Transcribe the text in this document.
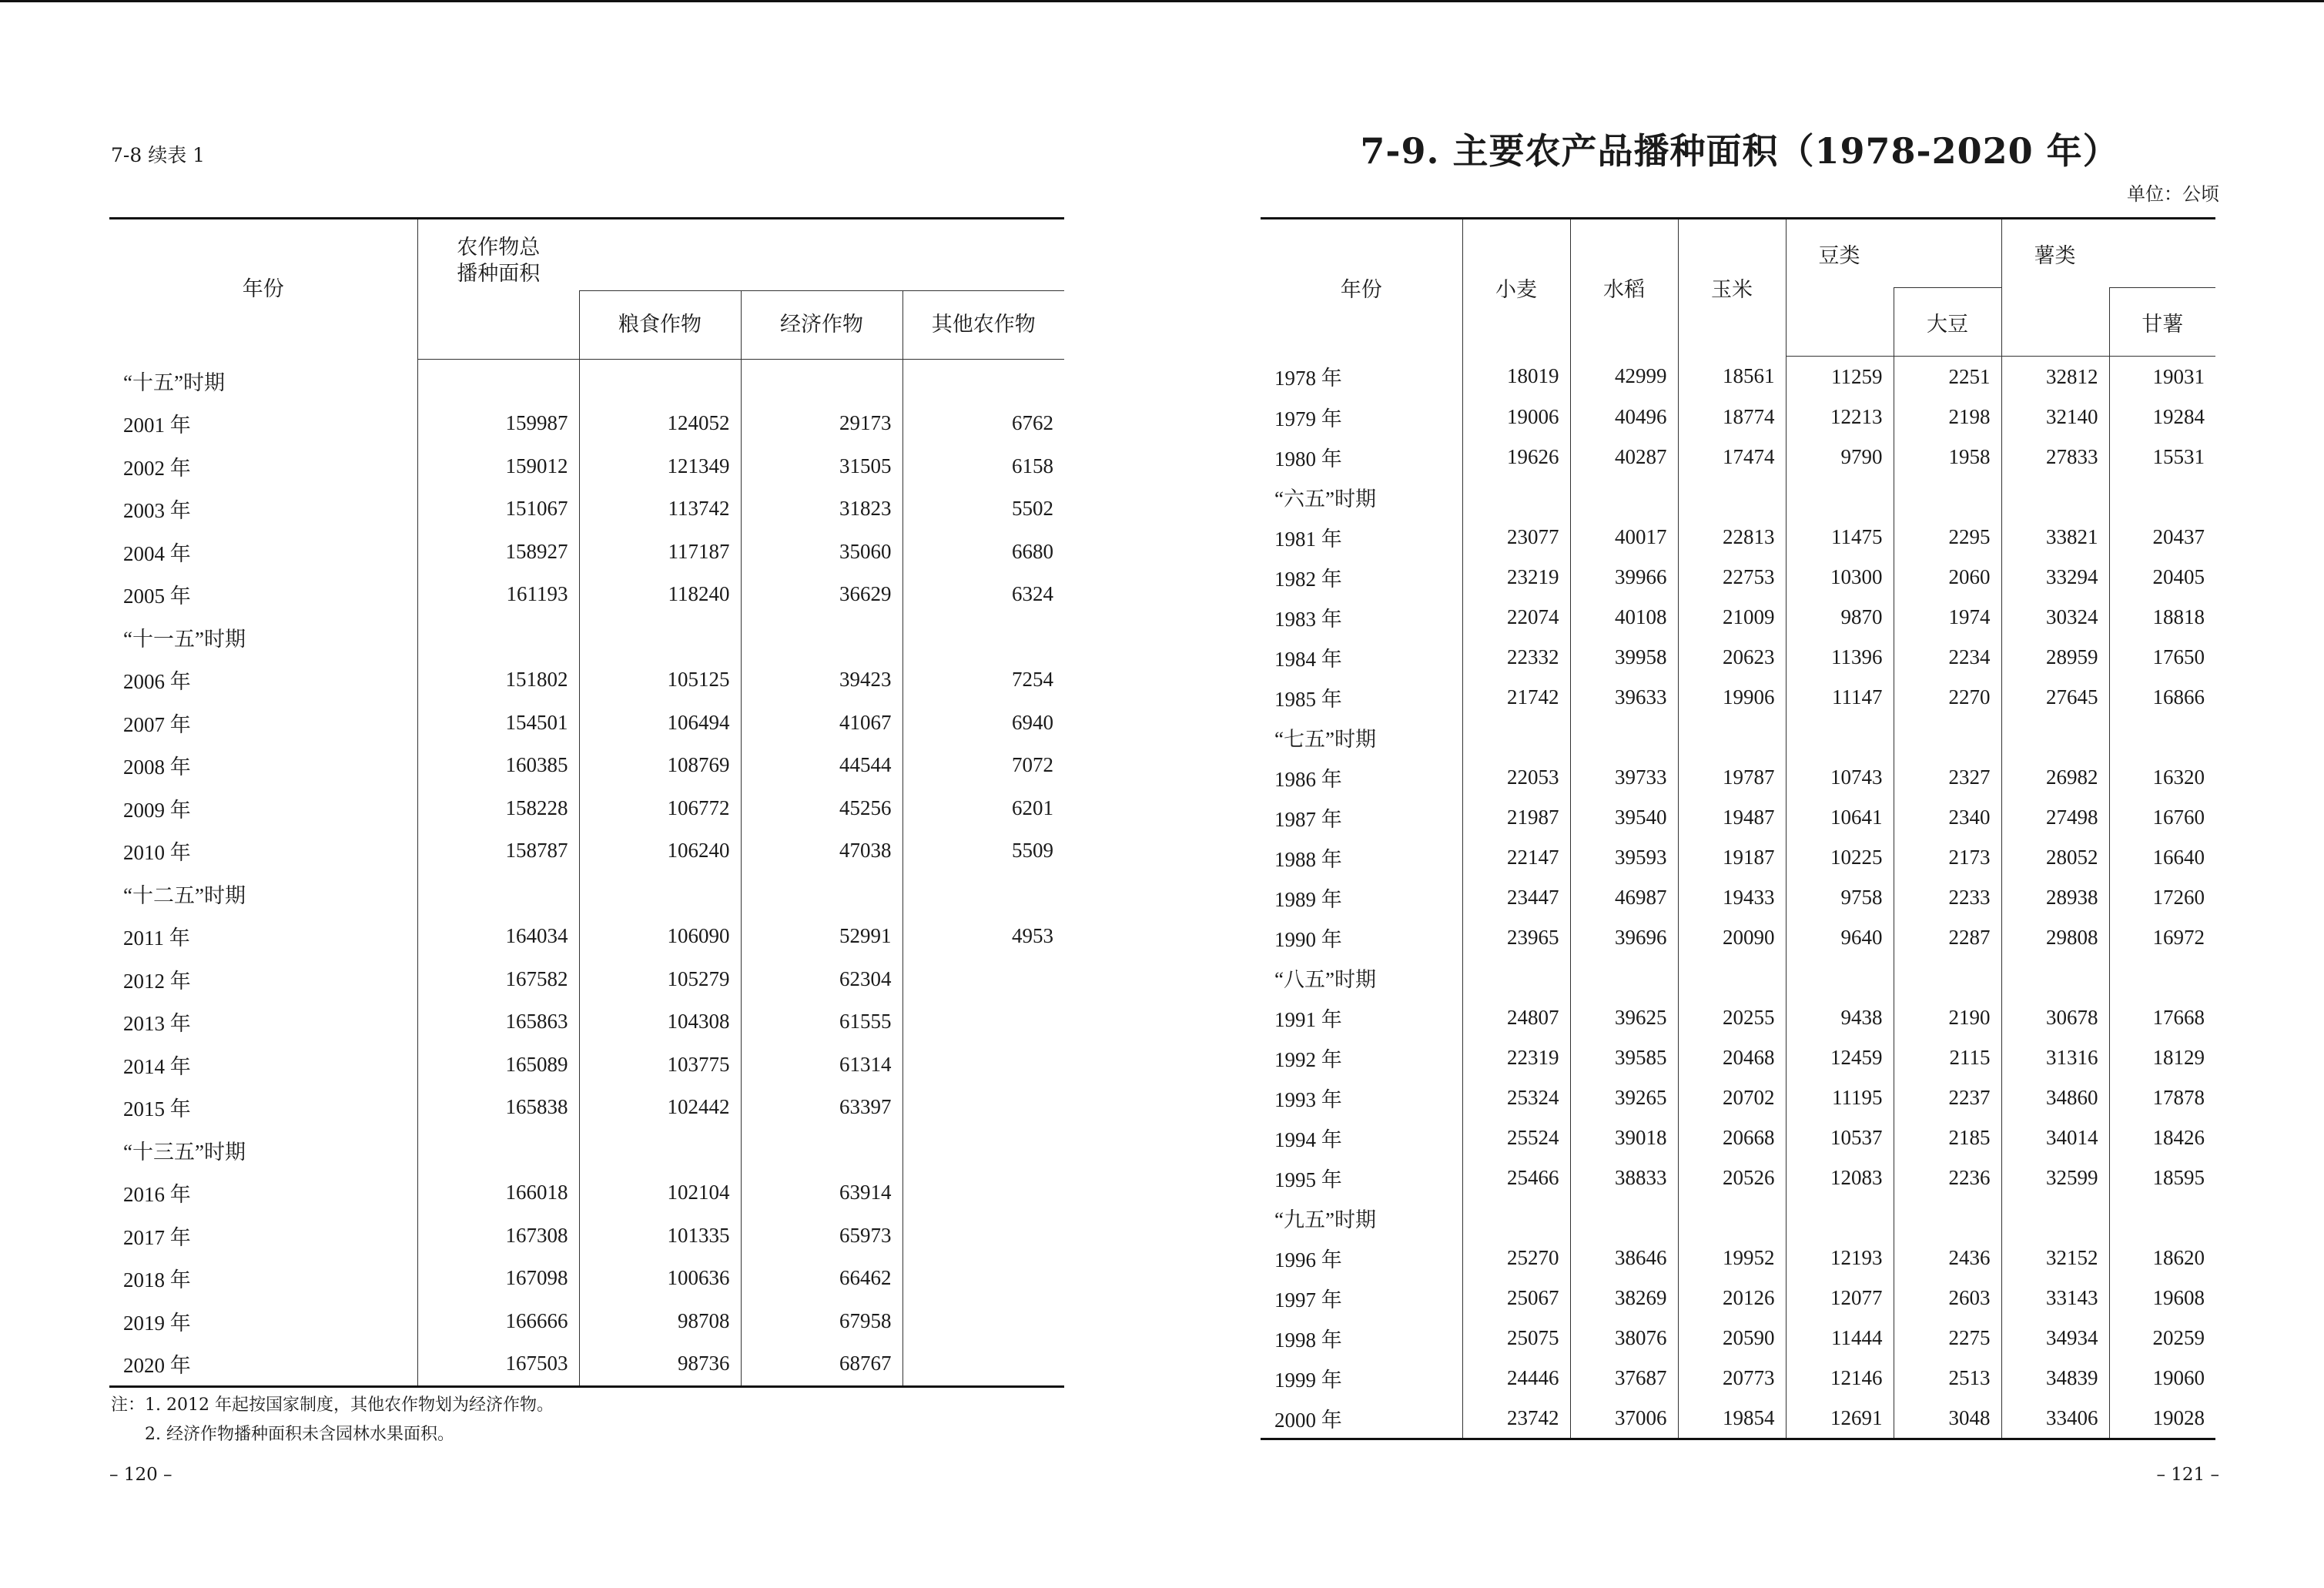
7-8 续表 1
年份	农作物总播种面积			
		粮食作物	经济作物	其他农作物
“十五”时期				
2001 年	159987	124052	29173	6762
2002 年	159012	121349	31505	6158
2003 年	151067	113742	31823	5502
2004 年	158927	117187	35060	6680
2005 年	161193	118240	36629	6324
“十一五”时期				
2006 年	151802	105125	39423	7254
2007 年	154501	106494	41067	6940
2008 年	160385	108769	44544	7072
2009 年	158228	106772	45256	6201
2010 年	158787	106240	47038	5509
“十二五”时期				
2011 年	164034	106090	52991	4953
2012 年	167582	105279	62304	
2013 年	165863	104308	61555	
2014 年	165089	103775	61314	
2015 年	165838	102442	63397	
“十三五”时期				
2016 年	166018	102104	63914	
2017 年	167308	101335	65973	
2018 年	167098	100636	66462	
2019 年	166666	98708	67958	
2020 年	167503	98736	68767	
注：1. 2012 年起按国家制度，其他农作物划为经济作物。
2. 经济作物播种面积未含园林水果面积。
– 120 –
7-9. 主要农产品播种面积（1978-2020 年）
单位：公顷
年份	小麦	水稻	玉米	豆类		薯类	
					大豆		甘薯
1978 年	18019	42999	18561	11259	2251	32812	19031
1979 年	19006	40496	18774	12213	2198	32140	19284
1980 年	19626	40287	17474	9790	1958	27833	15531
“六五”时期							
1981 年	23077	40017	22813	11475	2295	33821	20437
1982 年	23219	39966	22753	10300	2060	33294	20405
1983 年	22074	40108	21009	9870	1974	30324	18818
1984 年	22332	39958	20623	11396	2234	28959	17650
1985 年	21742	39633	19906	11147	2270	27645	16866
“七五”时期							
1986 年	22053	39733	19787	10743	2327	26982	16320
1987 年	21987	39540	19487	10641	2340	27498	16760
1988 年	22147	39593	19187	10225	2173	28052	16640
1989 年	23447	46987	19433	9758	2233	28938	17260
1990 年	23965	39696	20090	9640	2287	29808	16972
“八五”时期							
1991 年	24807	39625	20255	9438	2190	30678	17668
1992 年	22319	39585	20468	12459	2115	31316	18129
1993 年	25324	39265	20702	11195	2237	34860	17878
1994 年	25524	39018	20668	10537	2185	34014	18426
1995 年	25466	38833	20526	12083	2236	32599	18595
“九五”时期							
1996 年	25270	38646	19952	12193	2436	32152	18620
1997 年	25067	38269	20126	12077	2603	33143	19608
1998 年	25075	38076	20590	11444	2275	34934	20259
1999 年	24446	37687	20773	12146	2513	34839	19060
2000 年	23742	37006	19854	12691	3048	33406	19028
– 121 –
